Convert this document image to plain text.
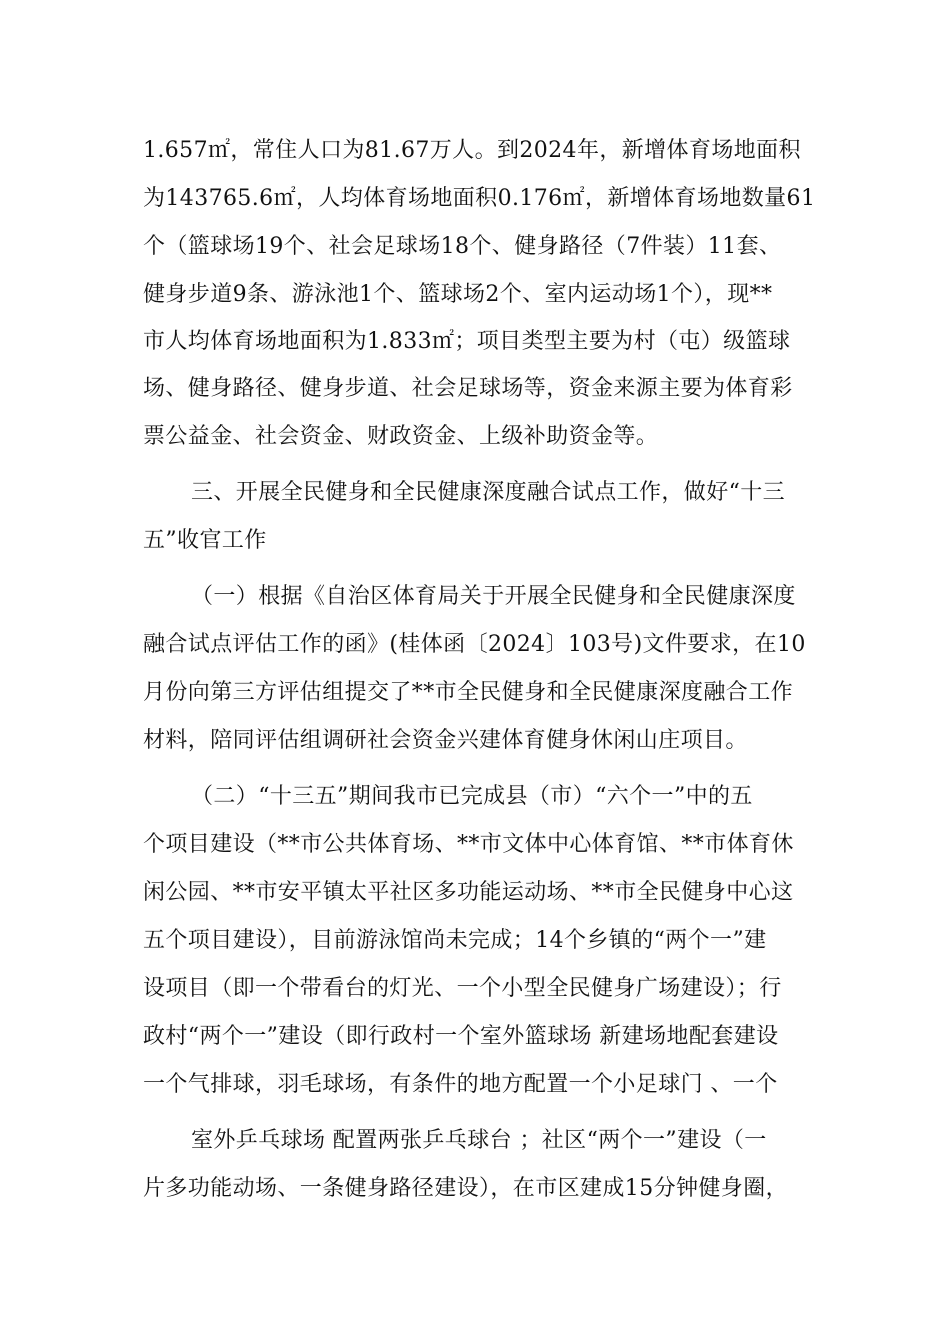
1.657㎡，常住人口为81.67万人。到2024年，新增体育场地面积
为143765.6㎡，人均体育场地面积0.176㎡，新增体育场地数量61
个（篮球场19个、社会足球场18个、健身路径（7件装）11套、
健身步道9条、游泳池1个、篮球场2个、室内运动场1个），现**
市人均体育场地面积为1.833㎡；项目类型主要为村（屯）级篮球
场、健身路径、健身步道、社会足球场等，资金来源主要为体育彩
票公益金、社会资金、财政资金、上级补助资金等。
三、开展全民健身和全民健康深度融合试点工作，做好“十三
五”收官工作
（一）根据《自治区体育局关于开展全民健身和全民健康深度
融合试点评估工作的函》(桂体函〔2024〕103号)文件要求，在10
月份向第三方评估组提交了**市全民健身和全民健康深度融合工作
材料，陪同评估组调研社会资金兴建体育健身休闲山庄项目。
（二）“十三五”期间我市已完成县（市）“六个一”中的五
个项目建设（**市公共体育场、**市文体中心体育馆、**市体育休
闲公园、**市安平镇太平社区多功能运动场、**市全民健身中心这
五个项目建设），目前游泳馆尚未完成；14个乡镇的“两个一”建
设项目（即一个带看台的灯光、一个小型全民健身广场建设）；行
政村“两个一”建设（即行政村一个室外篮球场 新建场地配套建设
一个气排球，羽毛球场，有条件的地方配置一个小足球门 、一个
室外乒乓球场 配置两张乒乓球台 ；社区“两个一”建设（一
片多功能动场、一条健身路径建设），在市区建成15分钟健身圈，
